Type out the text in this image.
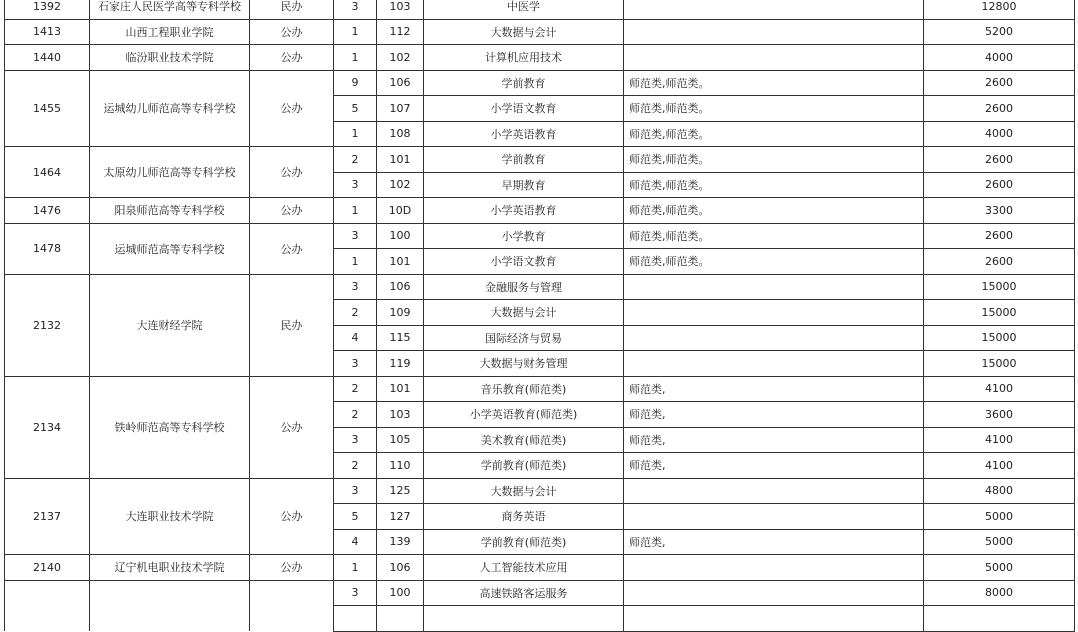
1392	石家庄人民医学高等专科学校	民办	3	103	中医学		12800
1413	山西工程职业学院	公办	1	112	大数据与会计		5200
1440	临汾职业技术学院	公办	1	102	计算机应用技术		4000
1455	运城幼儿师范高等专科学校	公办	9	106	学前教育	师范类,师范类。	2600
			5	107	小学语文教育	师范类,师范类。	2600
			1	108	小学英语教育	师范类,师范类。	4000
1464	太原幼儿师范高等专科学校	公办	2	101	学前教育	师范类,师范类。	2600
			3	102	早期教育	师范类,师范类。	2600
1476	阳泉师范高等专科学校	公办	1	10D	小学英语教育	师范类,师范类。	3300
1478	运城师范高等专科学校	公办	3	100	小学教育	师范类,师范类。	2600
			1	101	小学语文教育	师范类,师范类。	2600
2132	大连财经学院	民办	3	106	金融服务与管理		15000
			2	109	大数据与会计		15000
			4	115	国际经济与贸易		15000
			3	119	大数据与财务管理		15000
2134	铁岭师范高等专科学校	公办	2	101	音乐教育(师范类)	师范类,	4100
			2	103	小学英语教育(师范类)	师范类,	3600
			3	105	美术教育(师范类)	师范类,	4100
			2	110	学前教育(师范类)	师范类,	4100
2137	大连职业技术学院	公办	3	125	大数据与会计		4800
			5	127	商务英语		5000
			4	139	学前教育(师范类)	师范类,	5000
2140	辽宁机电职业技术学院	公办	1	106	人工智能技术应用		5000
			3	100	高速铁路客运服务		8000
